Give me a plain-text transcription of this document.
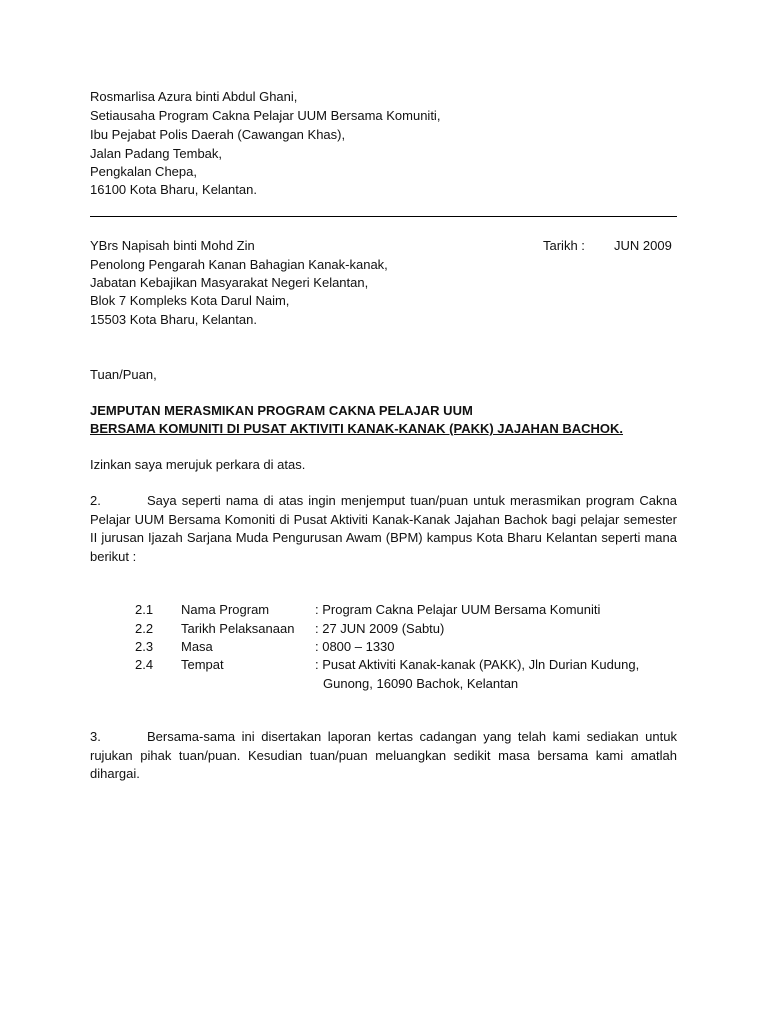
Rosmarlisa Azura binti Abdul Ghani,
Setiausaha Program Cakna Pelajar UUM Bersama Komuniti,
Ibu Pejabat Polis Daerah (Cawangan Khas),
Jalan Padang Tembak,
Pengkalan Chepa,
16100 Kota Bharu, Kelantan.
YBrs Napisah binti Mohd Zin	Tarikh : JUN 2009
Penolong Pengarah Kanan Bahagian Kanak-kanak,
Jabatan Kebajikan Masyarakat Negeri Kelantan,
Blok 7 Kompleks Kota Darul Naim,
15503 Kota Bharu, Kelantan.
Tuan/Puan,
JEMPUTAN MERASMIKAN PROGRAM CAKNA PELAJAR UUM
BERSAMA KOMUNITI DI PUSAT AKTIVITI KANAK-KANAK (PAKK) JAJAHAN BACHOK.
Izinkan saya merujuk perkara di atas.
2.	Saya seperti nama di atas ingin menjemput tuan/puan untuk merasmikan program Cakna Pelajar UUM Bersama Komoniti di Pusat Aktiviti Kanak-Kanak Jajahan Bachok bagi pelajar semester II jurusan Ijazah Sarjana Muda Pengurusan Awam (BPM) kampus Kota Bharu Kelantan seperti mana berikut :
2.1 Nama Program	: Program Cakna Pelajar UUM Bersama Komuniti
2.2 Tarikh Pelaksanaan : 27 JUN 2009 (Sabtu)
2.3 Masa	: 0800 – 1330
2.4 Tempat	: Pusat Aktiviti Kanak-kanak (PAKK), Jln Durian Kudung,
Gunong, 16090 Bachok, Kelantan
3.	Bersama-sama ini disertakan laporan kertas cadangan yang telah kami sediakan untuk rujukan pihak tuan/puan. Kesudian tuan/puan meluangkan sedikit masa bersama kami amatlah dihargai.
